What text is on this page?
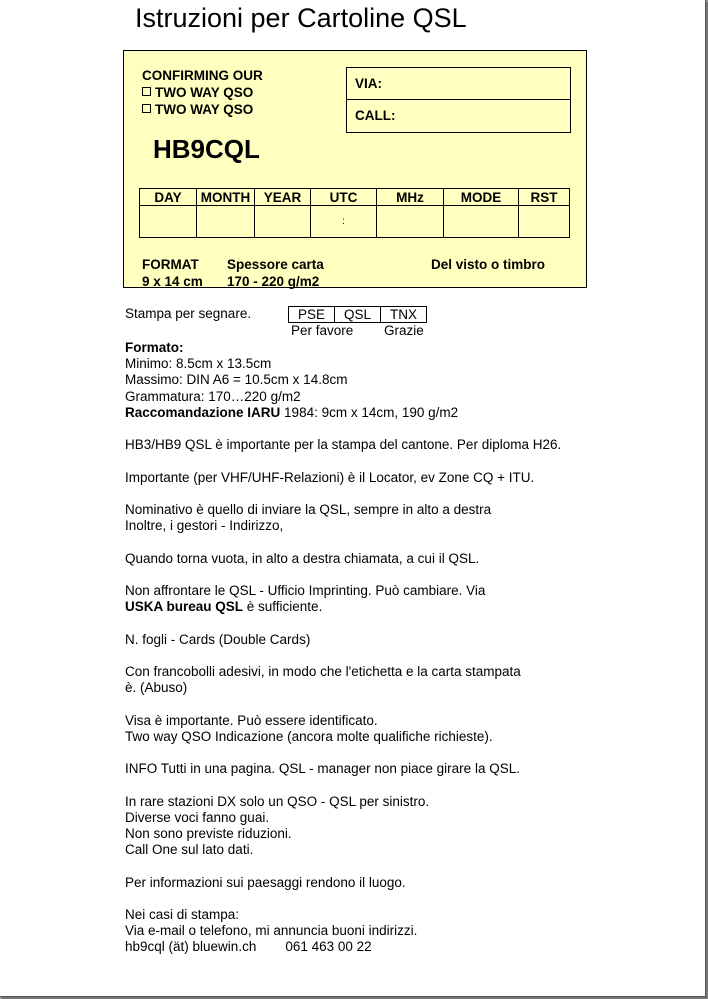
Istruzioni per Cartoline QSL
CONFIRMING OUR
TWO WAY QSO
TWO WAY QSO
VIA:
CALL:
HB9CQL
DAY	MONTH	YEAR	UTC	MHz	MODE	RST
			:			
FORMAT
9 x 14 cm
Spessore carta
170 - 220 g/m2
Del visto o timbro
Stampa per segnare.	PSE	QSL	TNX
Per favore Grazie

Formato:
Minimo: 8.5cm x 13.5cm
Massimo: DIN A6 = 10.5cm x 14.8cm
Grammatura: 170…220 g/m2
Raccomandazione IARU 1984: 9cm x 14cm, 190 g/m2

HB3/HB9 QSL è importante per la stampa del cantone. Per diploma H26.

Importante (per VHF/UHF-Relazioni) è il Locator, ev Zone CQ + ITU.

Nominativo è quello di inviare la QSL, sempre in alto a destra
Inoltre, i gestori - Indirizzo,

Quando torna vuota, in alto a destra chiamata, a cui il QSL.

Non affrontare le QSL - Ufficio Imprinting. Può cambiare. Via
USKA bureau QSL è sufficiente.

N. fogli - Cards (Double Cards)

Con francobolli adesivi, in modo che l'etichetta e la carta stampata
è. (Abuso)

Visa è importante. Può essere identificato.
Two way QSO Indicazione (ancora molte qualifiche richieste).

INFO Tutti in una pagina. QSL - manager non piace girare la QSL.

In rare stazioni DX solo un QSO - QSL per sinistro.
Diverse voci fanno guai.
Non sono previste riduzioni.
Call One sul lato dati.

Per informazioni sui paesaggi rendono il luogo.

Nei casi di stampa:
Via e-mail o telefono, mi annuncia buoni indirizzi.
hb9cql (ät) bluewin.ch 061 463 00 22
